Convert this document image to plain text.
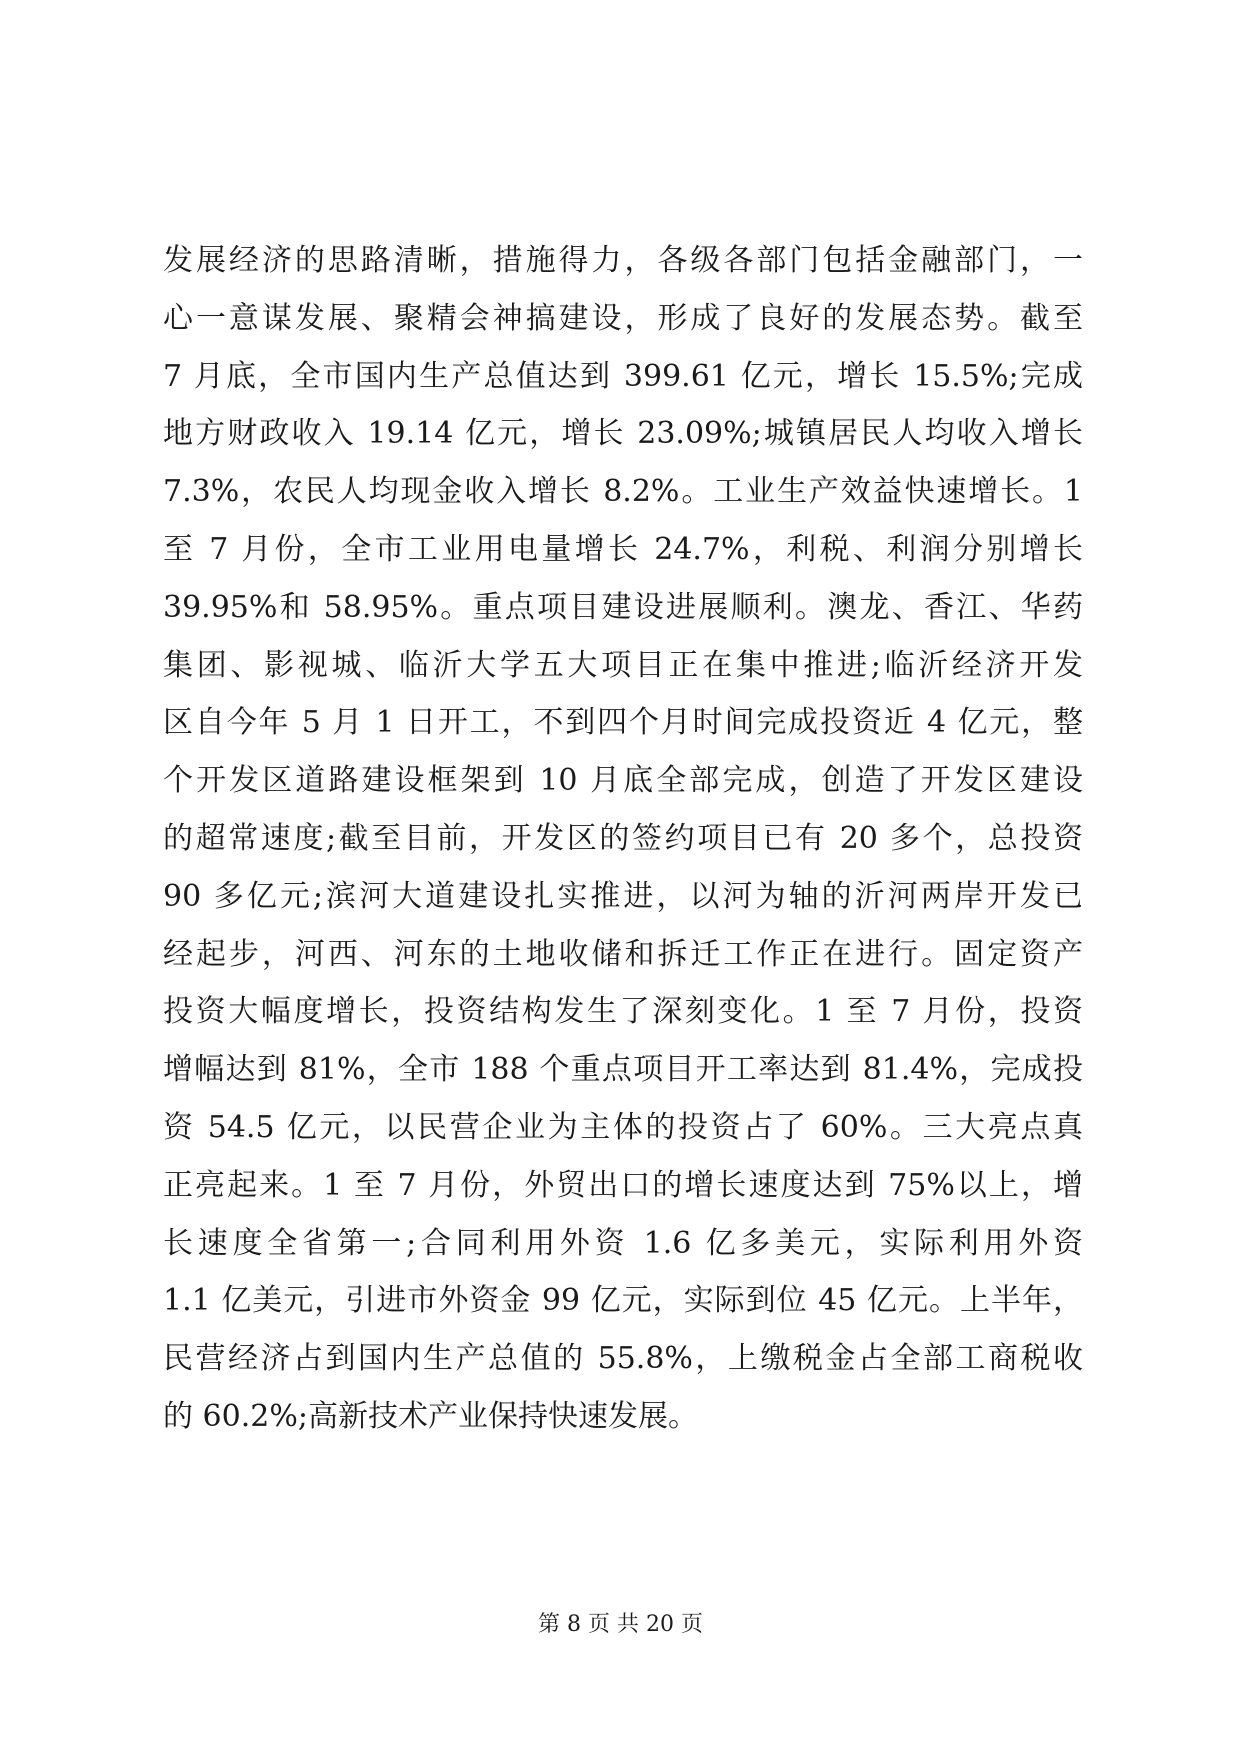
发展经济的思路清晰，措施得力，各级各部门包括金融部门，一
心一意谋发展、聚精会神搞建设，形成了良好的发展态势。截至
7 月底，全市国内生产总值达到 399.61 亿元，增长 15.5%;完成
地方财政收入 19.14 亿元，增长 23.09%;城镇居民人均收入增长
7.3%，农民人均现金收入增长 8.2%。工业生产效益快速增长。1
至 7 月份，全市工业用电量增长 24.7%，利税、利润分别增长
39.95%和 58.95%。重点项目建设进展顺利。澳龙、香江、华药
集团、影视城、临沂大学五大项目正在集中推进;临沂经济开发
区自今年 5 月 1 日开工，不到四个月时间完成投资近 4 亿元，整
个开发区道路建设框架到 10 月底全部完成，创造了开发区建设
的超常速度;截至目前，开发区的签约项目已有 20 多个，总投资
90 多亿元;滨河大道建设扎实推进，以河为轴的沂河两岸开发已
经起步，河西、河东的土地收储和拆迁工作正在进行。固定资产
投资大幅度增长，投资结构发生了深刻变化。1 至 7 月份，投资
增幅达到 81%，全市 188 个重点项目开工率达到 81.4%，完成投
资 54.5 亿元，以民营企业为主体的投资占了 60%。三大亮点真
正亮起来。1 至 7 月份，外贸出口的增长速度达到 75%以上，增
长速度全省第一;合同利用外资 1.6 亿多美元，实际利用外资
1.1 亿美元，引进市外资金 99 亿元，实际到位 45 亿元。上半年，
民营经济占到国内生产总值的 55.8%，上缴税金占全部工商税收
的 60.2%;高新技术产业保持快速发展。
第 8 页 共 20 页
